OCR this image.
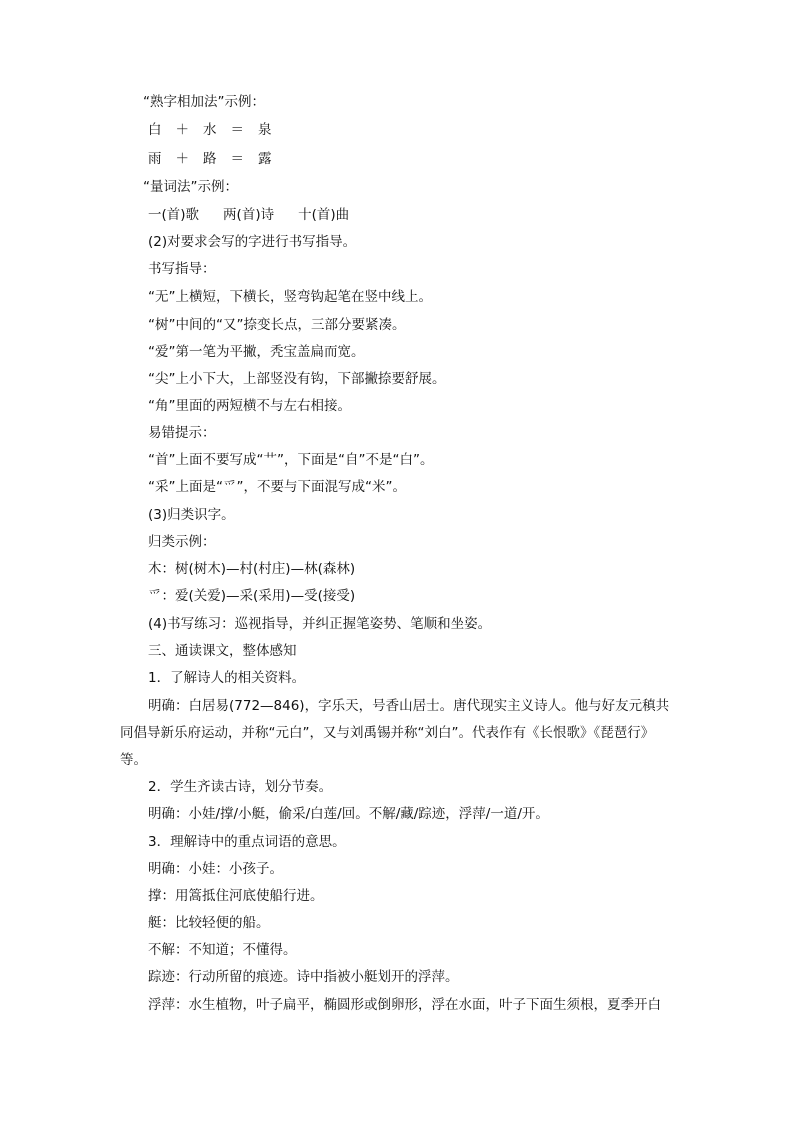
“熟字相加法”示例：
白 ＋ 水 ＝ 泉
雨 ＋ 路 ＝ 露
“量词法”示例：
一(首)歌 两(首)诗 十(首)曲
(2)对要求会写的字进行书写指导。
书写指导：
“无”上横短，下横长，竖弯钩起笔在竖中线上。
“树”中间的“又”捺变长点，三部分要紧凑。
“爱”第一笔为平撇，秃宝盖扁而宽。
“尖”上小下大，上部竖没有钩，下部撇捺要舒展。
“角”里面的两短横不与左右相接。
易错提示：
“首”上面不要写成“艹”，下面是“自”不是“白”。
“采”上面是“爫”，不要与下面混写成“米”。
(3)归类识字。
归类示例：
木：树(树木)—村(村庄)—林(森林)
爫：爱(关爱)—采(采用)—受(接受)
(4)书写练习：巡视指导，并纠正握笔姿势、笔顺和坐姿。
三、通读课文，整体感知
1．了解诗人的相关资料。
明确：白居易(772—846)，字乐天，号香山居士。唐代现实主义诗人。他与好友元稹共
同倡导新乐府运动，并称“元白”，又与刘禹锡并称“刘白”。代表作有《长恨歌》《琵琶行》
等。
2．学生齐读古诗，划分节奏。
明确：小娃/撑/小艇，偷采/白莲/回。不解/藏/踪迹，浮萍/一道/开。
3．理解诗中的重点词语的意思。
明确：小娃：小孩子。
撑：用篙抵住河底使船行进。
艇：比较轻便的船。
不解：不知道；不懂得。
踪迹：行动所留的痕迹。诗中指被小艇划开的浮萍。
浮萍：水生植物，叶子扁平，椭圆形或倒卵形，浮在水面，叶子下面生须根，夏季开白
